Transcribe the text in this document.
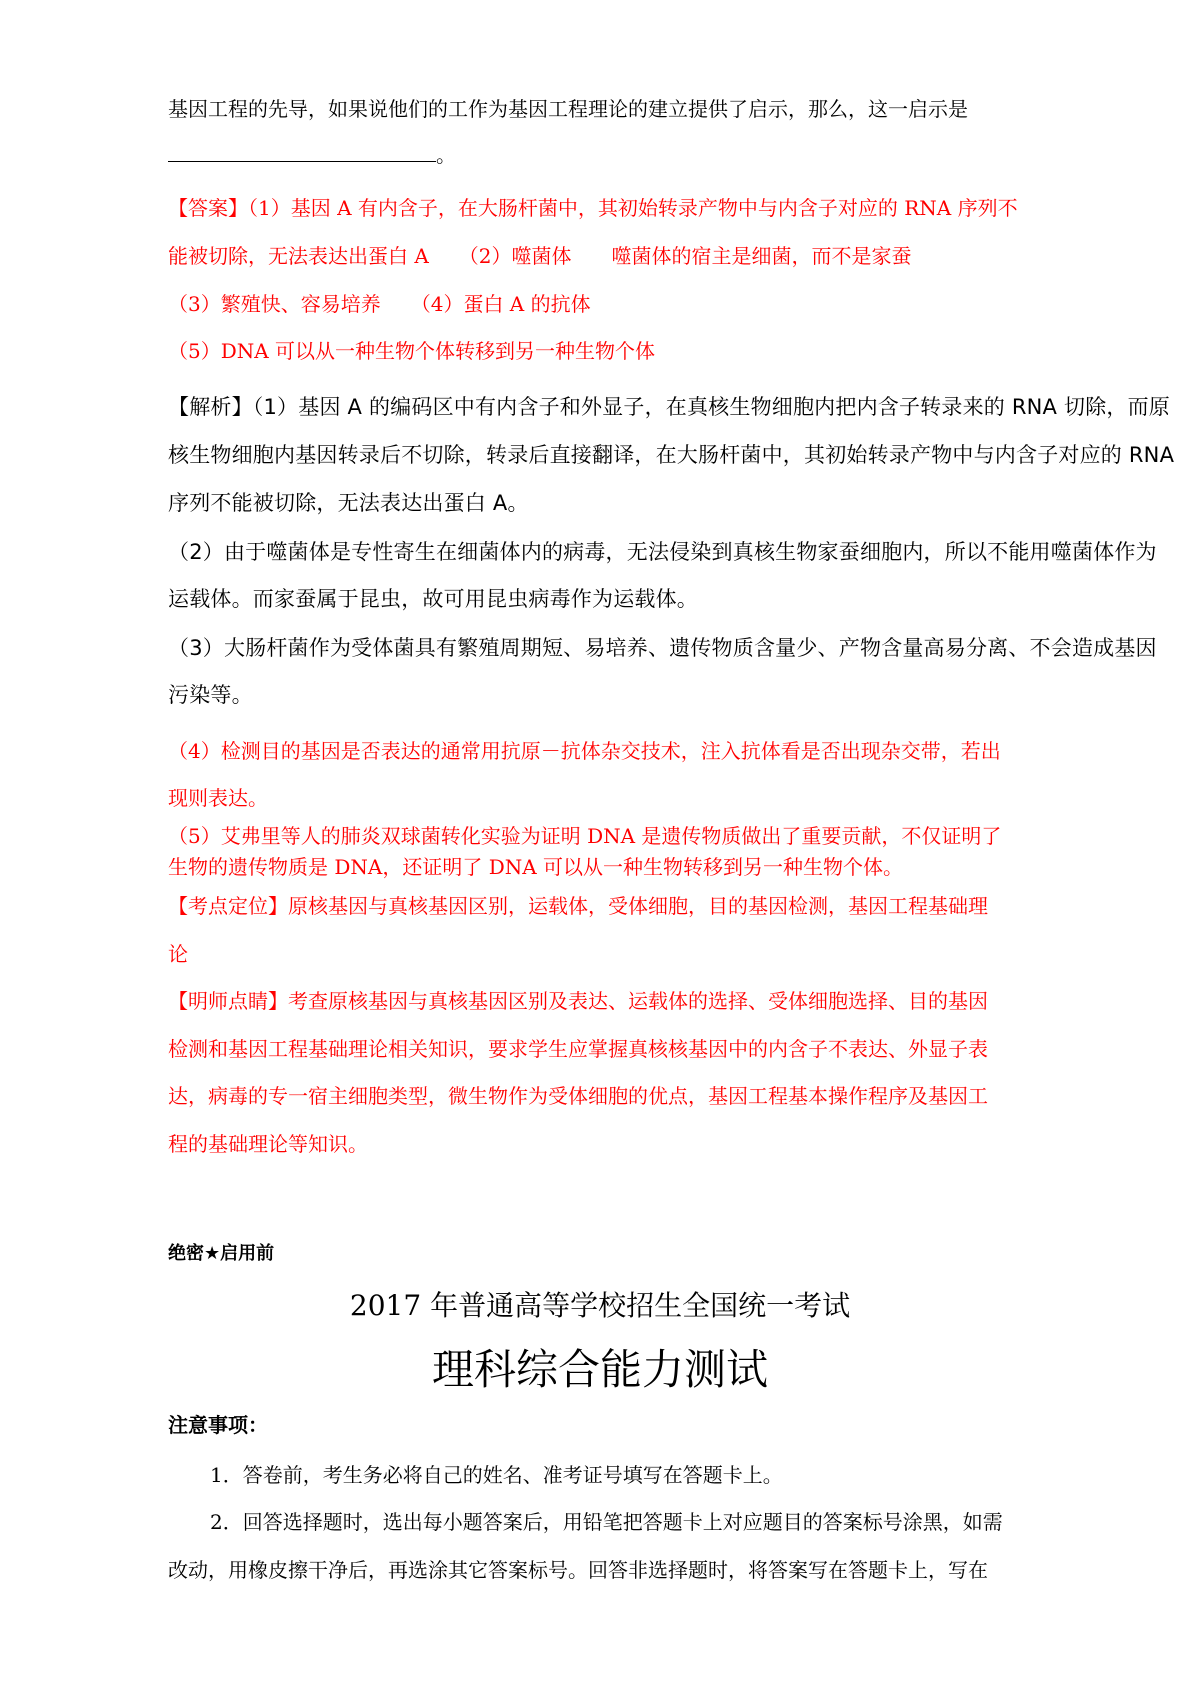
基因工程的先导，如果说他们的工作为基因工程理论的建立提供了启示，那么，这一启示是
。
【答案】（1）基因 A 有内含子，在大肠杆菌中，其初始转录产物中与内含子对应的 RNA 序列不
能被切除，无法表达出蛋白 A　　（2）噬菌体　　噬菌体的宿主是细菌，而不是家蚕
（3）繁殖快、容易培养　　（4）蛋白 A 的抗体
（5）DNA 可以从一种生物个体转移到另一种生物个体
【解析】（1）基因 A 的编码区中有内含子和外显子，在真核生物细胞内把内含子转录来的 RNA 切除，而原
核生物细胞内基因转录后不切除，转录后直接翻译，在大肠杆菌中，其初始转录产物中与内含子对应的 RNA
序列不能被切除，无法表达出蛋白 A。
（2）由于噬菌体是专性寄生在细菌体内的病毒，无法侵染到真核生物家蚕细胞内，所以不能用噬菌体作为
运载体。而家蚕属于昆虫，故可用昆虫病毒作为运载体。
（3）大肠杆菌作为受体菌具有繁殖周期短、易培养、遗传物质含量少、产物含量高易分离、不会造成基因
污染等。
（4）检测目的基因是否表达的通常用抗原－抗体杂交技术，注入抗体看是否出现杂交带，若出
现则表达。
（5）艾弗里等人的肺炎双球菌转化实验为证明 DNA 是遗传物质做出了重要贡献，不仅证明了
生物的遗传物质是 DNA，还证明了 DNA 可以从一种生物转移到另一种生物个体。
【考点定位】原核基因与真核基因区别，运载体，受体细胞，目的基因检测，基因工程基础理
论
【明师点睛】考查原核基因与真核基因区别及表达、运载体的选择、受体细胞选择、目的基因
检测和基因工程基础理论相关知识，要求学生应掌握真核核基因中的内含子不表达、外显子表
达，病毒的专一宿主细胞类型，微生物作为受体细胞的优点，基因工程基本操作程序及基因工
程的基础理论等知识。
绝密★启用前
2017 年普通高等学校招生全国统一考试
理科综合能力测试
注意事项：
1．答卷前，考生务必将自己的姓名、准考证号填写在答题卡上。
2．回答选择题时，选出每小题答案后，用铅笔把答题卡上对应题目的答案标号涂黑，如需
改动，用橡皮擦干净后，再选涂其它答案标号。回答非选择题时，将答案写在答题卡上，写在
